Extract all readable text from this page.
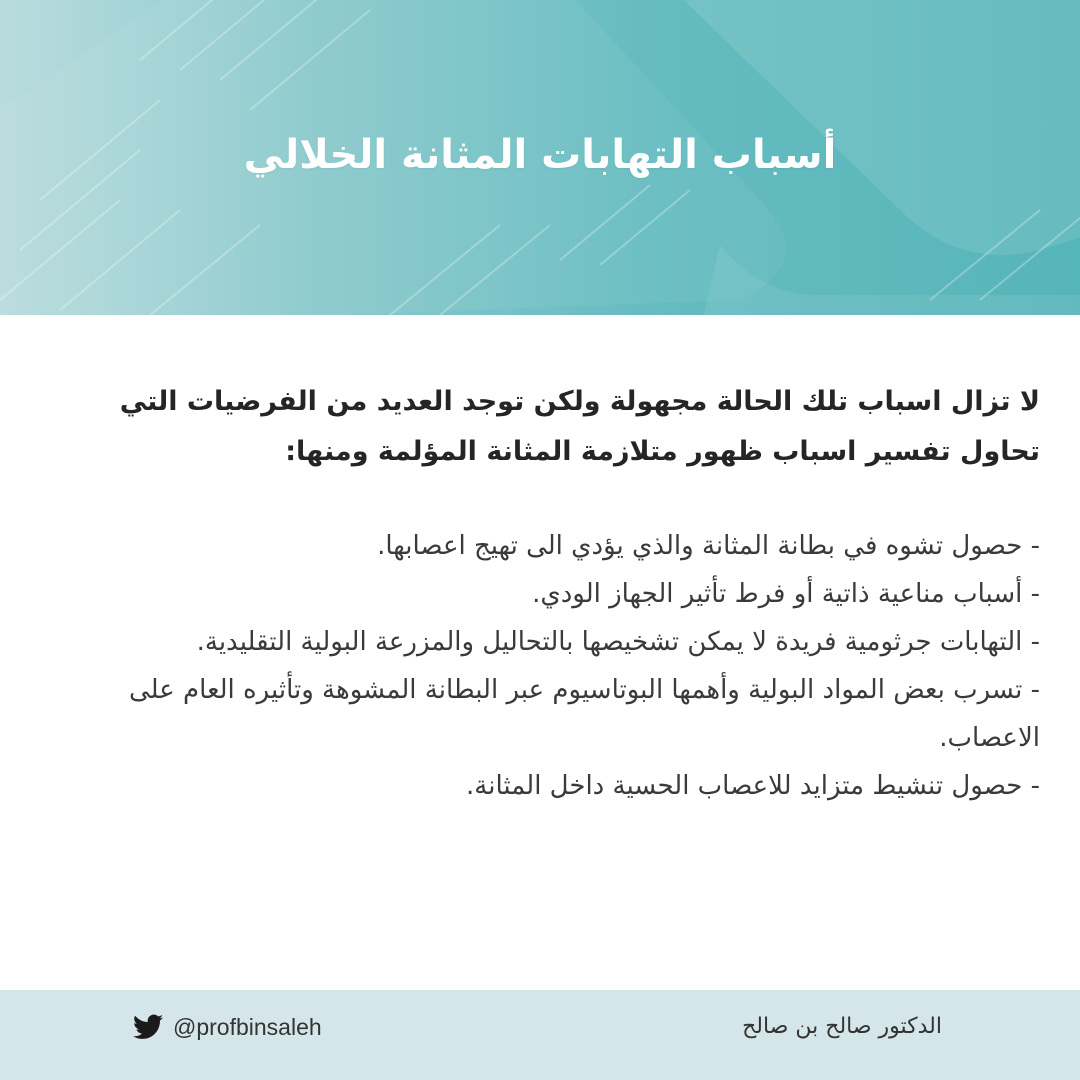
أسباب التهابات المثانة الخلالي

لا تزال اسباب تلك الحالة مجهولة ولكن توجد العديد من الفرضيات التي تحاول تفسير اسباب ظهور متلازمة المثانة المؤلمة ومنها:

- حصول تشوه في بطانة المثانة والذي يؤدي الى تهيج اعصابها.
- أسباب مناعية ذاتية أو فرط تأثير الجهاز الودي.
- التهابات جرثومية فريدة لا يمكن تشخيصها بالتحاليل والمزرعة البولية التقليدية.
- تسرب بعض المواد البولية وأهمها البوتاسيوم عبر البطانة المشوهة وتأثيره العام على الاعصاب.
- حصول تنشيط متزايد للاعصاب الحسية داخل المثانة.
@profbinsaleh	الدكتور صالح بن صالح
